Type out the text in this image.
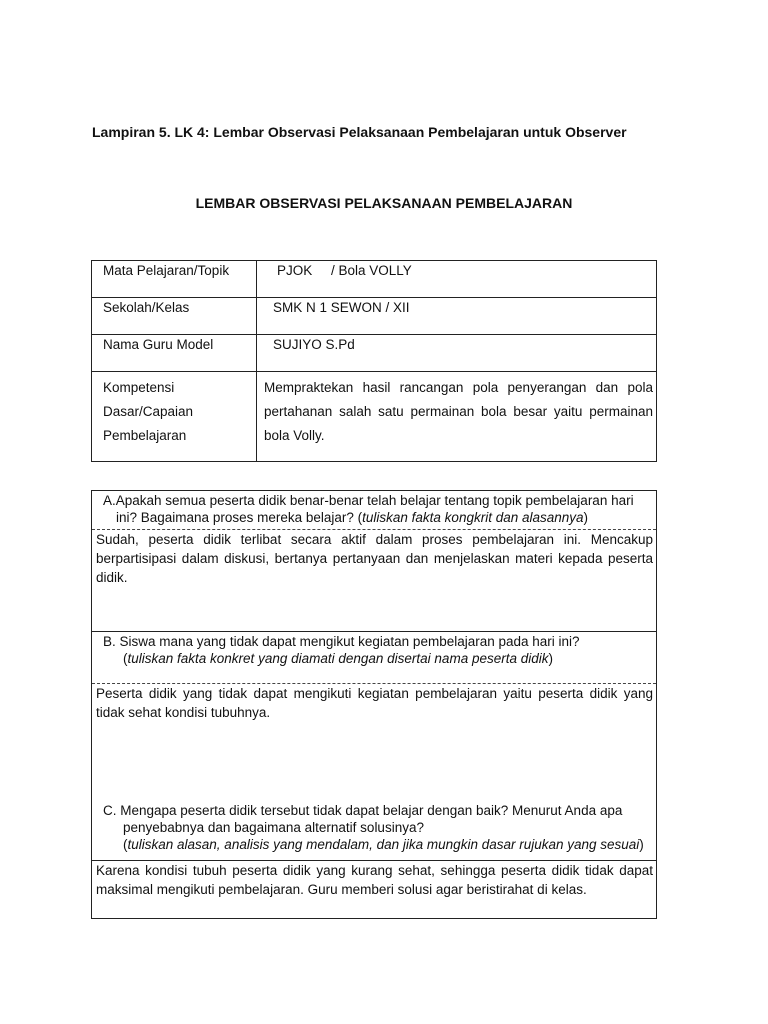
Lampiran 5. LK 4: Lembar Observasi Pelaksanaan Pembelajaran untuk Observer
LEMBAR OBSERVASI PELAKSANAAN PEMBELAJARAN
Mata Pelajaran/Topik	PJOK     / Bola VOLLY
Sekolah/Kelas	SMK N 1 SEWON / XII
Nama Guru Model	SUJIYO S.Pd

Kompetensi
Dasar/Capaian
Pembelajaran	Mempraktekan hasil rancangan pola penyerangan dan pola pertahanan salah satu permainan bola besar yaitu permainan bola Volly.
A.Apakah semua peserta didik benar-benar telah belajar tentang topik pembelajaran hari
ini? Bagaimana proses mereka belajar? (tuliskan fakta kongkrit dan alasannya)
Sudah, peserta didik terlibat secara aktif dalam proses pembelajaran ini. Mencakup berpartisipasi dalam diskusi, bertanya pertanyaan dan menjelaskan materi kepada peserta didik.
B. Siswa mana yang tidak dapat mengikut kegiatan pembelajaran pada hari ini?
(tuliskan fakta konkret yang diamati dengan disertai nama peserta didik)
Peserta didik yang tidak dapat mengikuti kegiatan pembelajaran yaitu peserta didik yang tidak sehat kondisi tubuhnya.
C. Mengapa peserta didik tersebut tidak dapat belajar dengan baik? Menurut Anda apa
penyebabnya dan bagaimana alternatif solusinya?
(tuliskan alasan, analisis yang mendalam, dan jika mungkin dasar rujukan yang sesuai)
Karena kondisi tubuh peserta didik yang kurang sehat, sehingga peserta didik tidak dapat maksimal mengikuti pembelajaran. Guru memberi solusi agar beristirahat di kelas.
